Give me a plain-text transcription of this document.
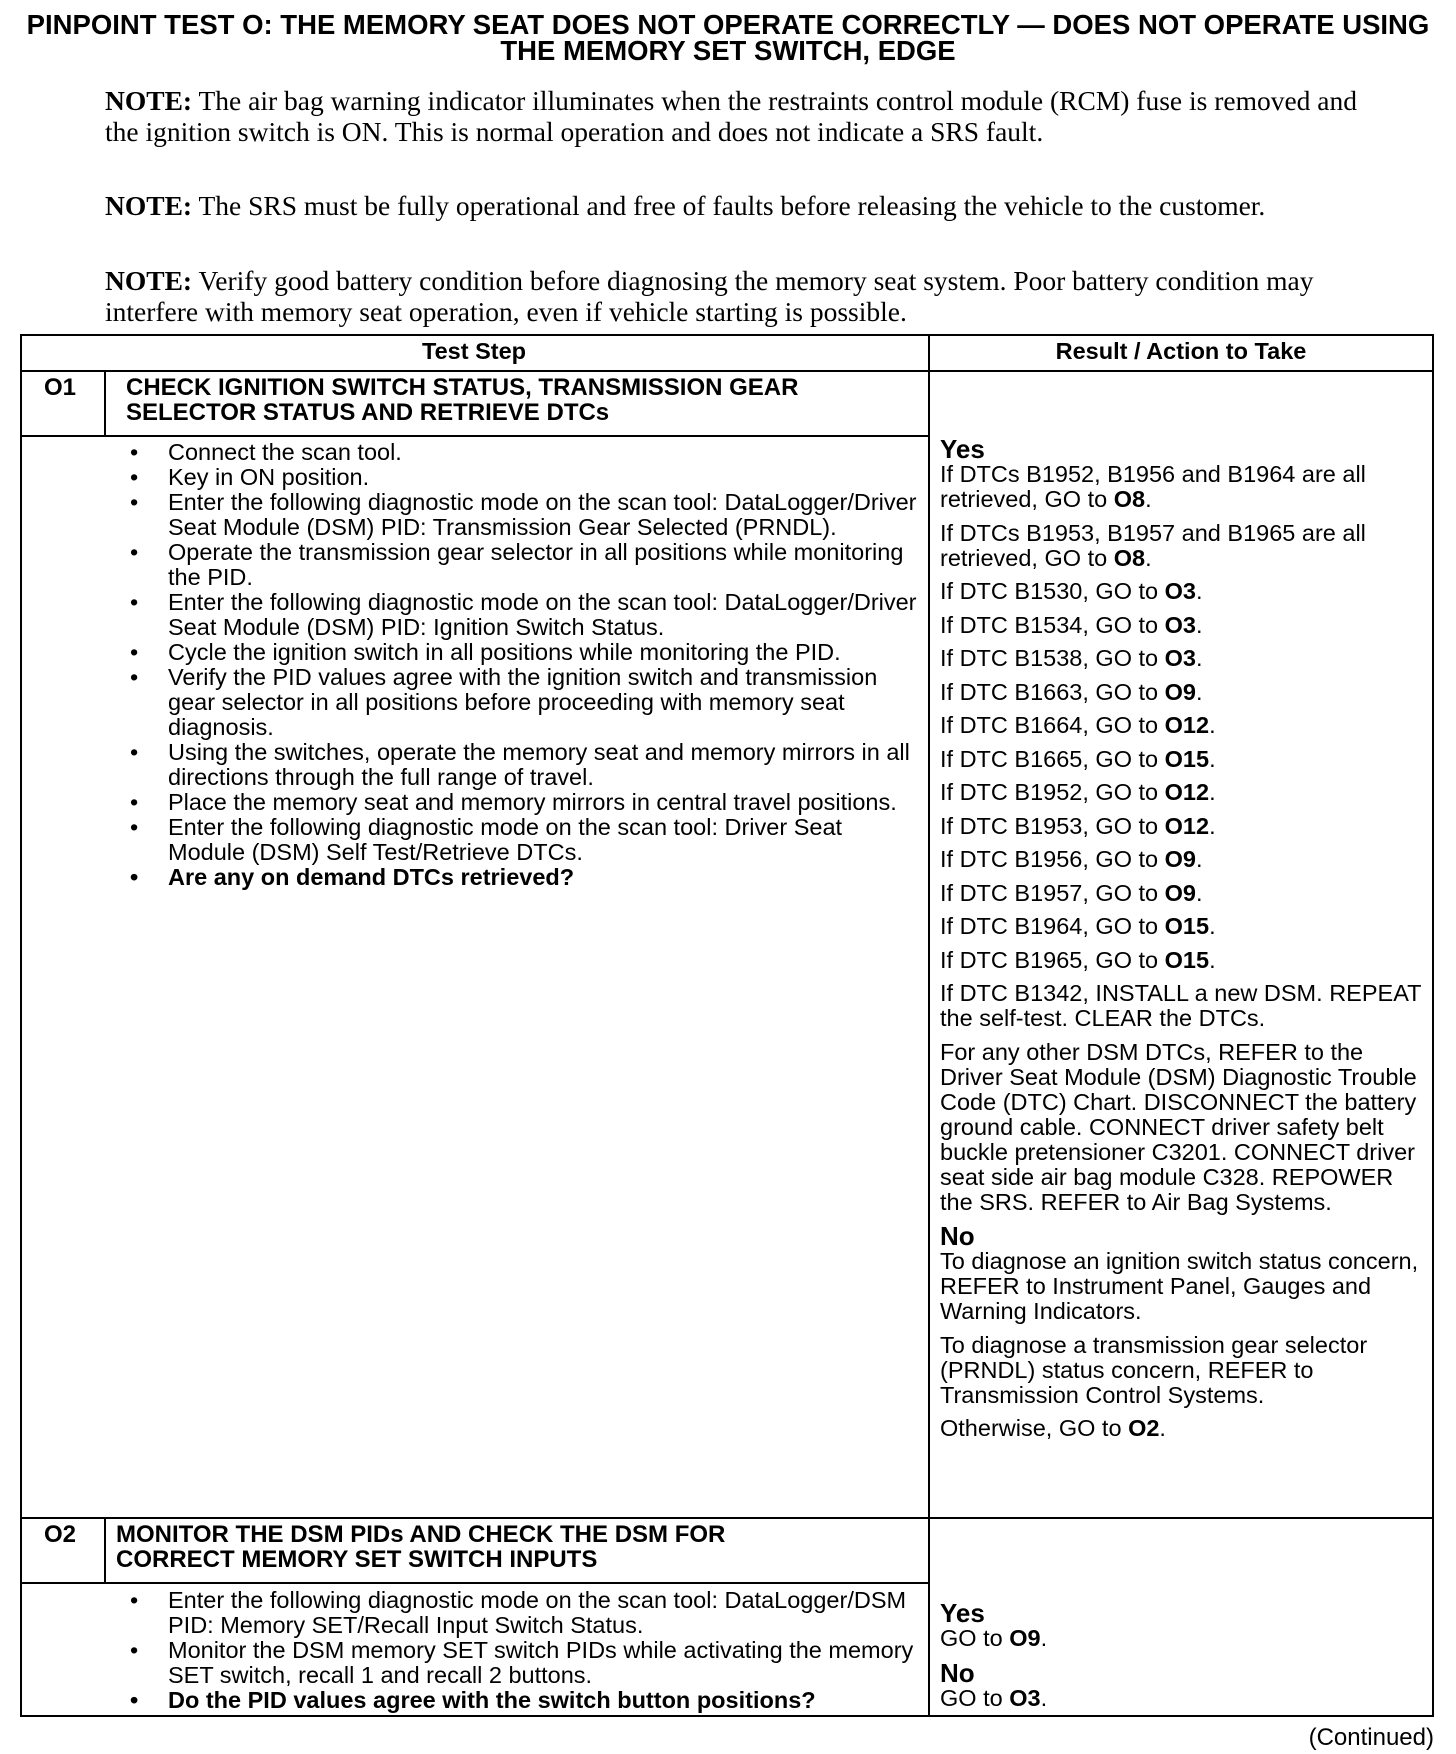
PINPOINT TEST O: THE MEMORY SEAT DOES NOT OPERATE CORRECTLY — DOES NOT OPERATE USING THE MEMORY SET SWITCH, EDGE
NOTE: The air bag warning indicator illuminates when the restraints control module (RCM) fuse is removed and the ignition switch is ON. This is normal operation and does not indicate a SRS fault.
NOTE: The SRS must be fully operational and free of faults before releasing the vehicle to the customer.
NOTE: Verify good battery condition before diagnosing the memory seat system. Poor battery condition may interfere with memory seat operation, even if vehicle starting is possible.
Test Step	Result / Action to Take
O1 CHECK IGNITION SWITCH STATUS, TRANSMISSION GEAR SELECTOR STATUS AND RETRIEVE DTCs
• Connect the scan tool.
• Key in ON position.
• Enter the following diagnostic mode on the scan tool: DataLogger/Driver Seat Module (DSM) PID: Transmission Gear Selected (PRNDL).
• Operate the transmission gear selector in all positions while monitoring the PID.
• Enter the following diagnostic mode on the scan tool: DataLogger/Driver Seat Module (DSM) PID: Ignition Switch Status.
• Cycle the ignition switch in all positions while monitoring the PID.
• Verify the PID values agree with the ignition switch and transmission gear selector in all positions before proceeding with memory seat diagnosis.
• Using the switches, operate the memory seat and memory mirrors in all directions through the full range of travel.
• Place the memory seat and memory mirrors in central travel positions.
• Enter the following diagnostic mode on the scan tool: Driver Seat Module (DSM) Self Test/Retrieve DTCs.
• Are any on demand DTCs retrieved?
Yes
If DTCs B1952, B1956 and B1964 are all retrieved, GO to O8.
If DTCs B1953, B1957 and B1965 are all retrieved, GO to O8.
If DTC B1530, GO to O3.
If DTC B1534, GO to O3.
If DTC B1538, GO to O3.
If DTC B1663, GO to O9.
If DTC B1664, GO to O12.
If DTC B1665, GO to O15.
If DTC B1952, GO to O12.
If DTC B1953, GO to O12.
If DTC B1956, GO to O9.
If DTC B1957, GO to O9.
If DTC B1964, GO to O15.
If DTC B1965, GO to O15.
If DTC B1342, INSTALL a new DSM. REPEAT the self-test. CLEAR the DTCs.
For any other DSM DTCs, REFER to the Driver Seat Module (DSM) Diagnostic Trouble Code (DTC) Chart. DISCONNECT the battery ground cable. CONNECT driver safety belt buckle pretensioner C3201. CONNECT driver seat side air bag module C328. REPOWER the SRS. REFER to Air Bag Systems.
No
To diagnose an ignition switch status concern, REFER to Instrument Panel, Gauges and Warning Indicators.
To diagnose a transmission gear selector (PRNDL) status concern, REFER to Transmission Control Systems.
Otherwise, GO to O2.
O2 MONITOR THE DSM PIDs AND CHECK THE DSM FOR CORRECT MEMORY SET SWITCH INPUTS
• Enter the following diagnostic mode on the scan tool: DataLogger/DSM PID: Memory SET/Recall Input Switch Status.
• Monitor the DSM memory SET switch PIDs while activating the memory SET switch, recall 1 and recall 2 buttons.
• Do the PID values agree with the switch button positions?
Yes
GO to O9.
No
GO to O3.
(Continued)
